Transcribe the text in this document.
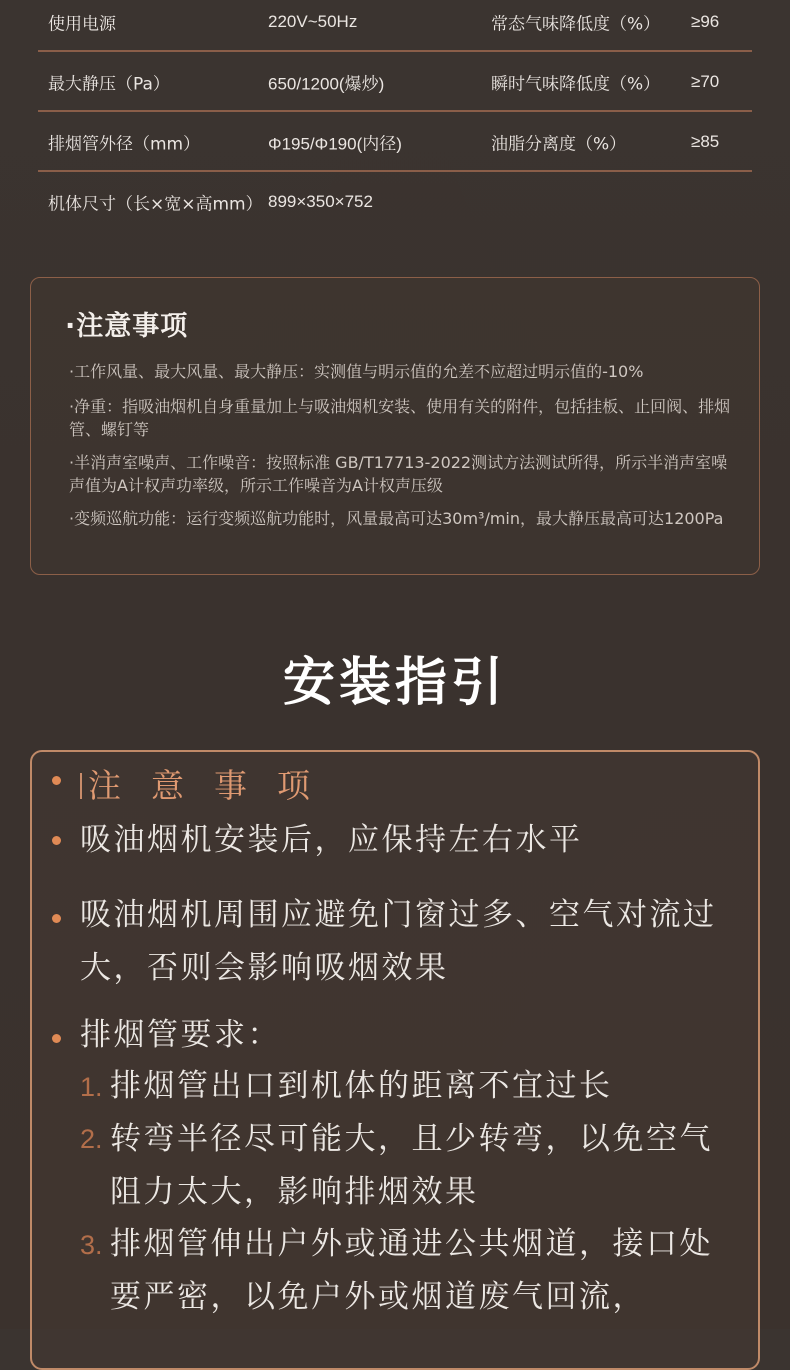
使用电源	220V~50Hz	常态气味降低度（%） ≥96
最大静压（Pa）	650/1200(爆炒)	瞬时气味降低度（%） ≥70
排烟管外径（mm）	Φ195/Φ190(内径)	油脂分离度（%）	≥85
机体尺寸（长×宽×高mm） 899×350×752
·注意事项
·工作风量、最大风量、最大静压：实测值与明示值的允差不应超过明示值的-10%
·净重：指吸油烟机自身重量加上与吸油烟机安装、使用有关的附件，包括挂板、止回阀、排烟管、螺钉等
·半消声室噪声、工作噪音：按照标准 GB/T17713-2022测试方法测试所得，所示半消声室噪声值为A计权声功率级，所示工作噪音为A计权声压级
·变频巡航功能：运行变频巡航功能时，风量最高可达30m³/min，最大静压最高可达1200Pa
安装指引
注意事项
吸油烟机安装后，应保持左右水平
吸油烟机周围应避免门窗过多、空气对流过大，否则会影响吸烟效果
排烟管要求：
1. 排烟管出口到机体的距离不宜过长
2. 转弯半径尽可能大，且少转弯，以免空气阻力太大，影响排烟效果
3. 排烟管伸出户外或通进公共烟道，接口处要严密，以免户外或烟道废气回流，
